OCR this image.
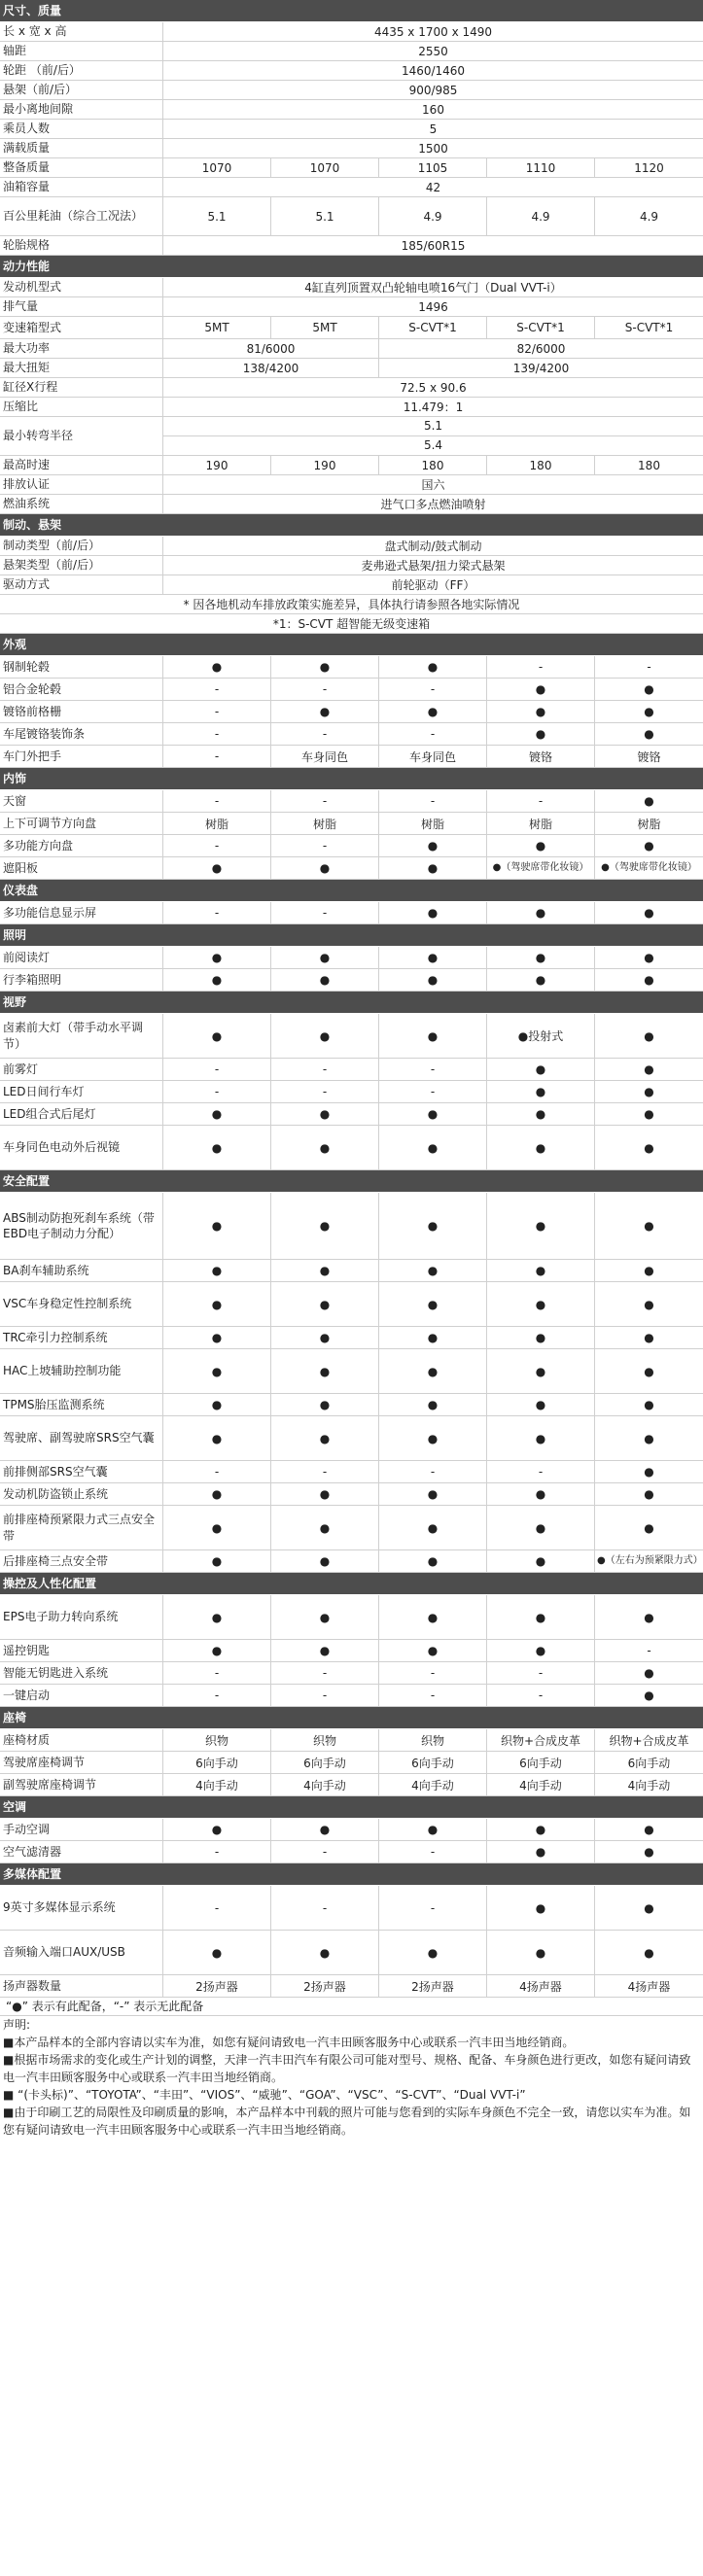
尺寸、质量
长 x 宽 x 高	4435 x 1700 x 1490
轴距	2550
轮距 （前/后）	1460/1460
悬架（前/后）	900/985
最小离地间隙	160
乘员人数	5
满载质量	1500
整备质量	1070	1070	1105	1110	1120
油箱容量	42
百公里耗油（综合工况法）	5.1	5.1	4.9	4.9	4.9
轮胎规格	185/60R15
动力性能
发动机型式	4缸直列顶置双凸轮轴电喷16气门（Dual VVT-i）
排气量	1496
变速箱型式	5MT	5MT	S-CVT*1	S-CVT*1	S-CVT*1
最大功率	81/6000	82/6000
最大扭矩	138/4200	139/4200
缸径X行程	72.5 x 90.6
压缩比	11.479：1
最小转弯半径
5.1
5.4
最高时速	190	190	180	180	180
排放认证	国六
燃油系统	进气口多点燃油喷射
制动、悬架
制动类型（前/后）	盘式制动/鼓式制动
悬架类型（前/后）	麦弗逊式悬架/扭力梁式悬架
驱动方式	前轮驱动（FF）
* 因各地机动车排放政策实施差异，具体执行请参照各地实际情况
*1：S-CVT 超智能无级变速箱
外观
钢制轮毂	●	●	●	-	-
铝合金轮毂	-	-	-	●	●
镀铬前格栅	-	●	●	●	●
车尾镀铬装饰条	-	-	-	●	●
车门外把手	-	车身同色	车身同色	镀铬	镀铬
内饰
天窗	-	-	-	-	●
上下可调节方向盘	树脂	树脂	树脂	树脂	树脂
多功能方向盘	-	-	●	●	●
遮阳板	●	●	●	●（驾驶席带化妆镜）	●（驾驶席带化妆镜）
仪表盘
多功能信息显示屏	-	-	●	●	●
照明
前阅读灯	●	●	●	●	●
行李箱照明	●	●	●	●	●
视野
卤素前大灯（带手动水平调节）
●	●	●	●投射式	●
前雾灯	-	-	-	●	●
LED日间行车灯	-	-	-	●	●
LED组合式后尾灯	●	●	●	●	●
车身同色电动外后视镜	●	●	●	●	●
安全配置
ABS制动防抱死刹车系统（带EBD电子制动力分配）
●	●	●	●	●
BA刹车辅助系统	●	●	●	●	●
VSC车身稳定性控制系统	●	●	●	●	●
TRC牵引力控制系统	●	●	●	●	●
HAC上坡辅助控制功能	●	●	●	●	●
TPMS胎压监测系统	●	●	●	●	●
驾驶席、副驾驶席SRS空气囊	●	●	●	●	●
前排侧部SRS空气囊	-	-	-	-	●
发动机防盗锁止系统	●	●	●	●	●
前排座椅预紧限力式三点安全带
●	●	●	●	●
后排座椅三点安全带	●	●	●	●	●（左右为预紧限力式）
操控及人性化配置
EPS电子助力转向系统	●	●	●	●	●
遥控钥匙	●	●	●	●	-
智能无钥匙进入系统	-	-	-	-	●
一键启动	-	-	-	-	●
座椅
座椅材质	织物	织物	织物	织物+合成皮革	织物+合成皮革
驾驶席座椅调节	6向手动	6向手动	6向手动	6向手动	6向手动
副驾驶席座椅调节	4向手动	4向手动	4向手动	4向手动	4向手动
空调
手动空调	●	●	●	●	●
空气滤清器	-	-	-	●	●
多媒体配置
9英寸多媒体显示系统	-	-	-	●	●
音频输入端口AUX/USB	●	●	●	●	●
扬声器数量	2扬声器	2扬声器	2扬声器	4扬声器	4扬声器
“●” 表示有此配备，“-” 表示无此配备
声明:
■本产品样本的全部内容请以实车为准，如您有疑问请致电一汽丰田顾客服务中心或联系一汽丰田当地经销商。
■根据市场需求的变化或生产计划的调整，天津一汽丰田汽车有限公司可能对型号、规格、配备、车身颜色进行更改，如您有疑问请致电一汽丰田顾客服务中心或联系一汽丰田当地经销商。
■ “(卡头标)”、“TOYOTA”、“丰田”、“VIOS”、“威驰”、“GOA”、“VSC”、“S-CVT”、“Dual VVT-i”
■由于印刷工艺的局限性及印刷质量的影响，本产品样本中刊载的照片可能与您看到的实际车身颜色不完全一致，请您以实车为准。如您有疑问请致电一汽丰田顾客服务中心或联系一汽丰田当地经销商。
